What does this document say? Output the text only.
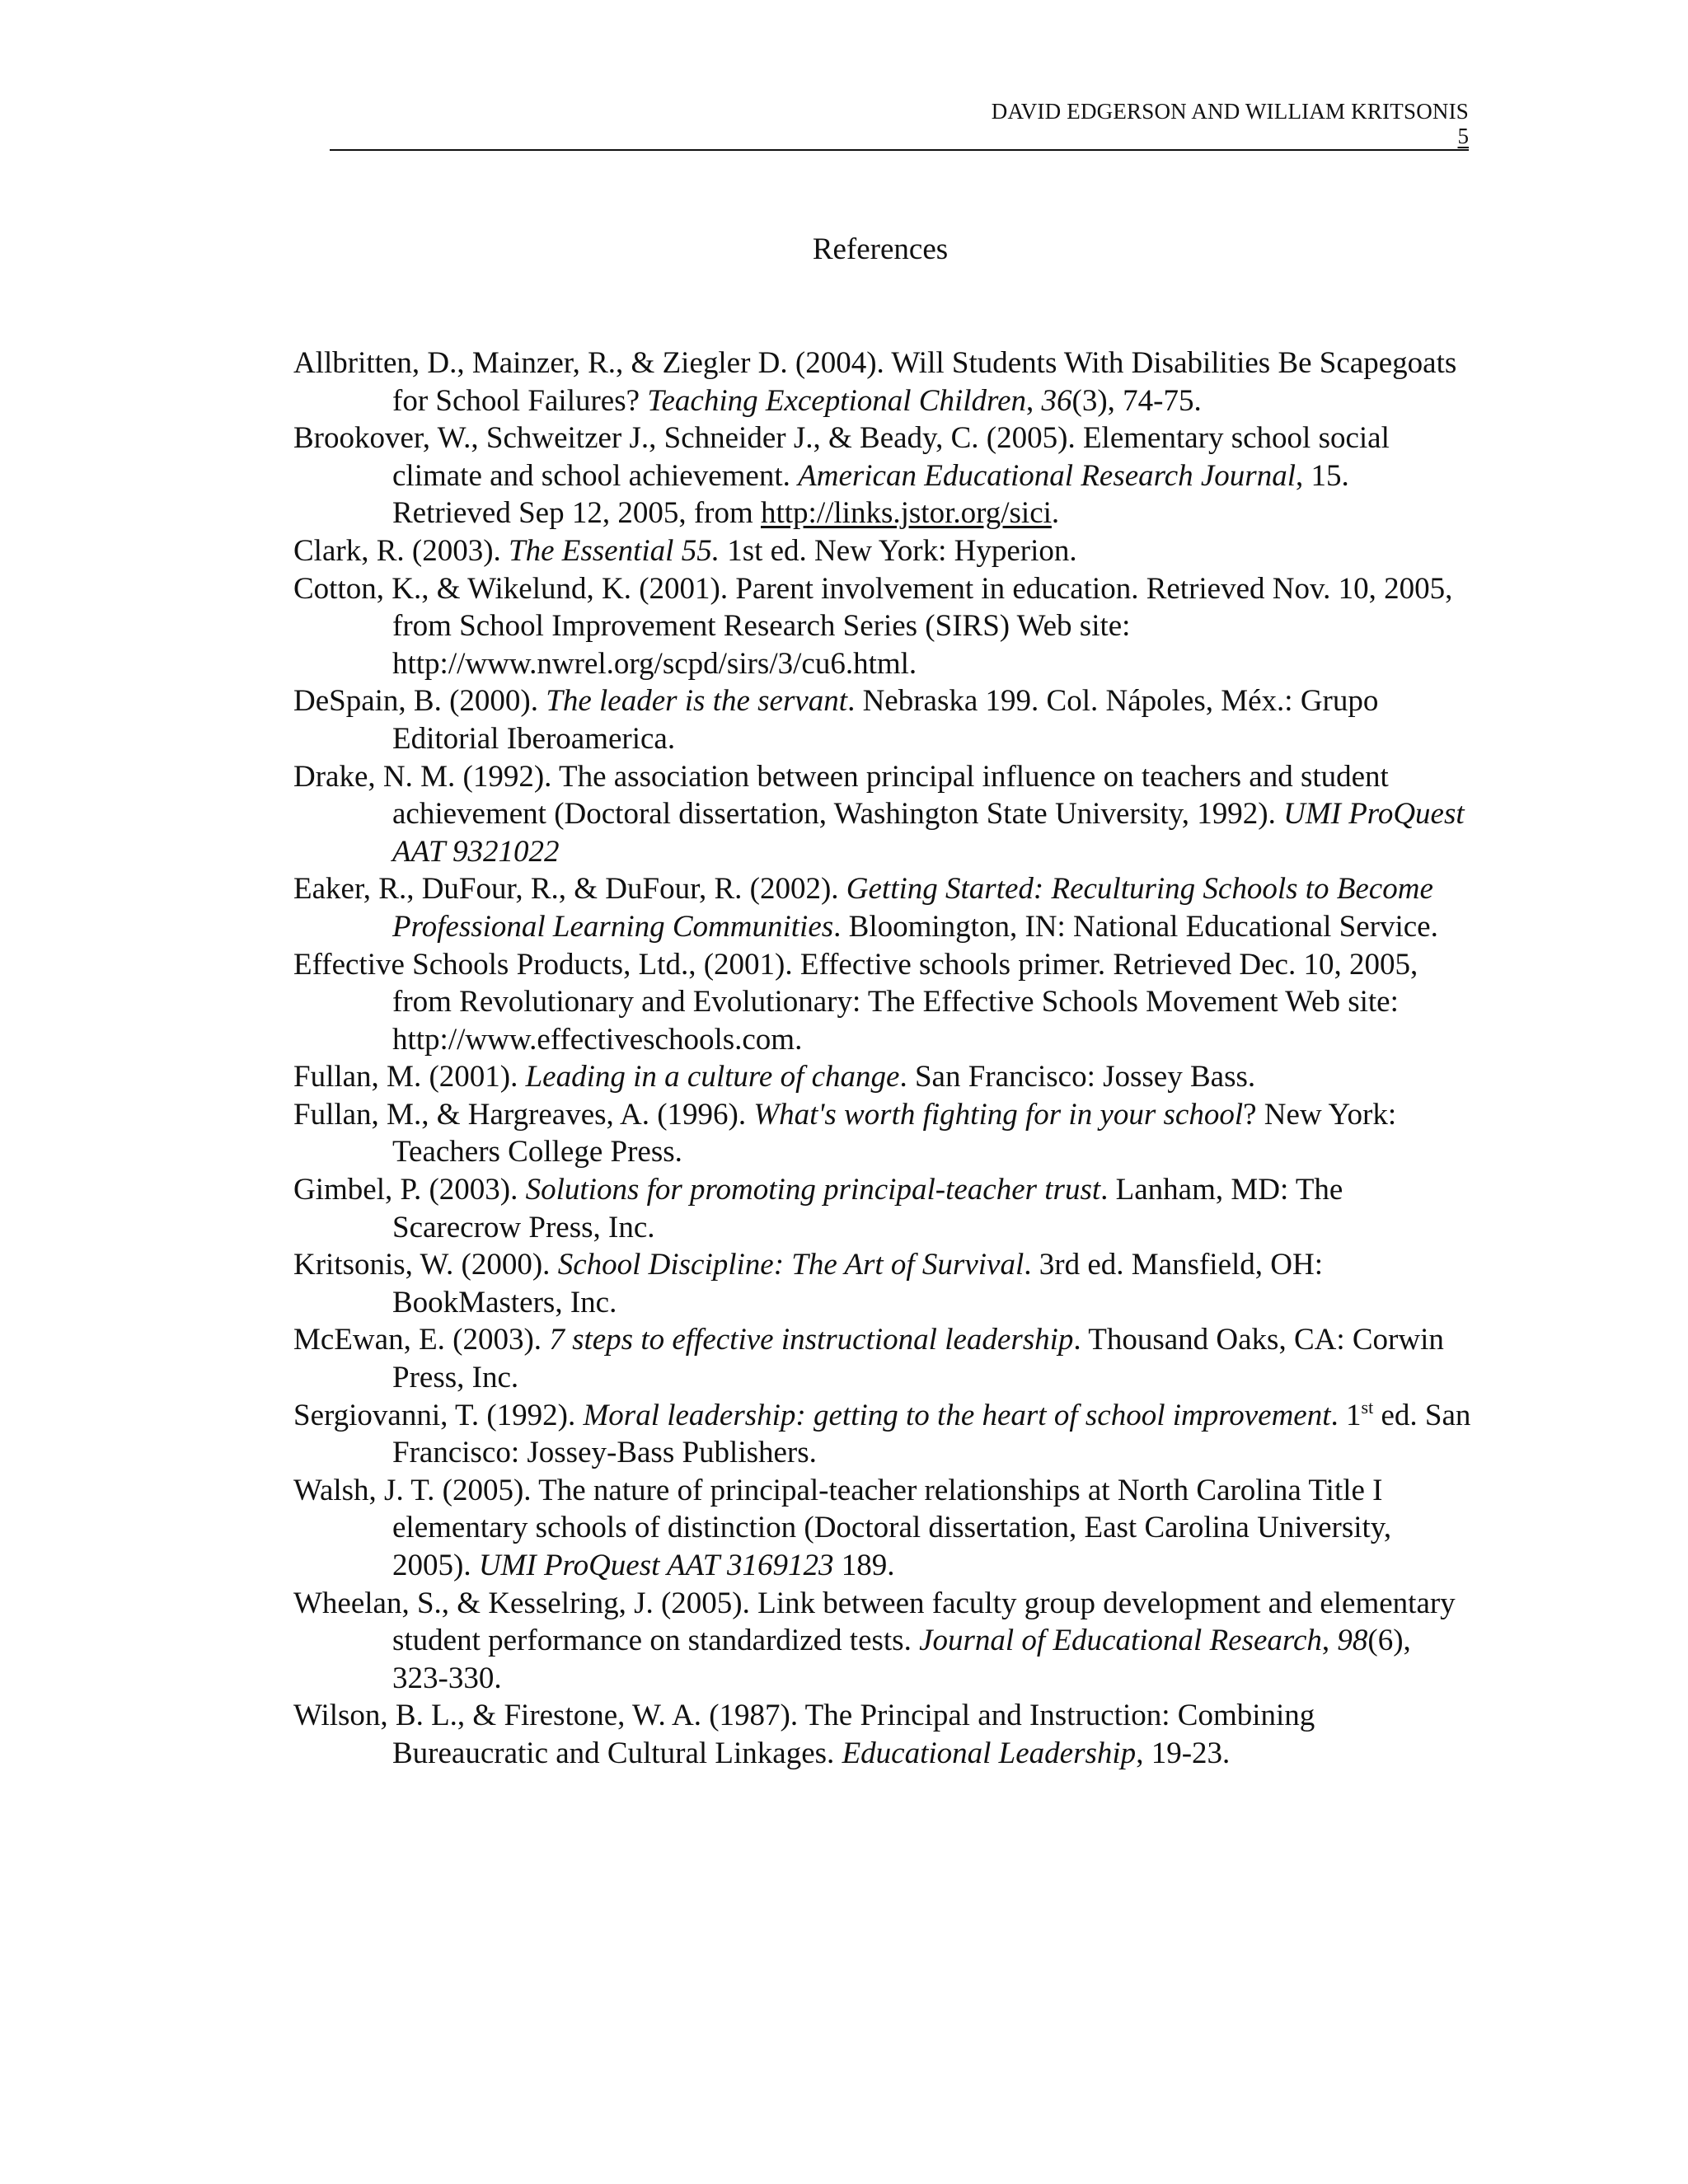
DAVID EDGERSON AND WILLIAM KRITSONIS
5
References
Allbritten, D., Mainzer, R., & Ziegler D. (2004). Will Students With Disabilities Be Scapegoats for School Failures? Teaching Exceptional Children, 36(3), 74-75.
Brookover, W., Schweitzer J., Schneider J., & Beady, C. (2005). Elementary school social climate and school achievement. American Educational Research Journal, 15. Retrieved Sep 12, 2005, from http://links.jstor.org/sici.
Clark, R. (2003). The Essential 55. 1st ed. New York: Hyperion.
Cotton, K., & Wikelund, K. (2001). Parent involvement in education. Retrieved Nov. 10, 2005, from School Improvement Research Series (SIRS) Web site: http://www.nwrel.org/scpd/sirs/3/cu6.html.
DeSpain, B. (2000). The leader is the servant. Nebraska 199. Col. Nápoles, Méx.: Grupo Editorial Iberoamerica.
Drake, N. M. (1992). The association between principal influence on teachers and student achievement (Doctoral dissertation, Washington State University, 1992). UMI ProQuest AAT 9321022
Eaker, R., DuFour, R., & DuFour, R. (2002). Getting Started: Reculturing Schools to Become Professional Learning Communities. Bloomington, IN: National Educational Service.
Effective Schools Products, Ltd., (2001). Effective schools primer. Retrieved Dec. 10, 2005, from Revolutionary and Evolutionary: The Effective Schools Movement Web site: http://www.effectiveschools.com.
Fullan, M. (2001). Leading in a culture of change. San Francisco: Jossey Bass.
Fullan, M., & Hargreaves, A. (1996). What's worth fighting for in your school? New York: Teachers College Press.
Gimbel, P. (2003). Solutions for promoting principal-teacher trust. Lanham, MD: The Scarecrow Press, Inc.
Kritsonis, W. (2000). School Discipline: The Art of Survival. 3rd ed. Mansfield, OH: BookMasters, Inc.
McEwan, E. (2003). 7 steps to effective instructional leadership. Thousand Oaks, CA: Corwin Press, Inc.
Sergiovanni, T. (1992). Moral leadership: getting to the heart of school improvement. 1st ed. San Francisco: Jossey-Bass Publishers.
Walsh, J. T. (2005). The nature of principal-teacher relationships at North Carolina Title I elementary schools of distinction (Doctoral dissertation, East Carolina University, 2005). UMI ProQuest AAT 3169123 189.
Wheelan, S., & Kesselring, J. (2005). Link between faculty group development and elementary student performance on standardized tests. Journal of Educational Research, 98(6), 323-330.
Wilson, B. L., & Firestone, W. A. (1987). The Principal and Instruction: Combining Bureaucratic and Cultural Linkages. Educational Leadership, 19-23.
